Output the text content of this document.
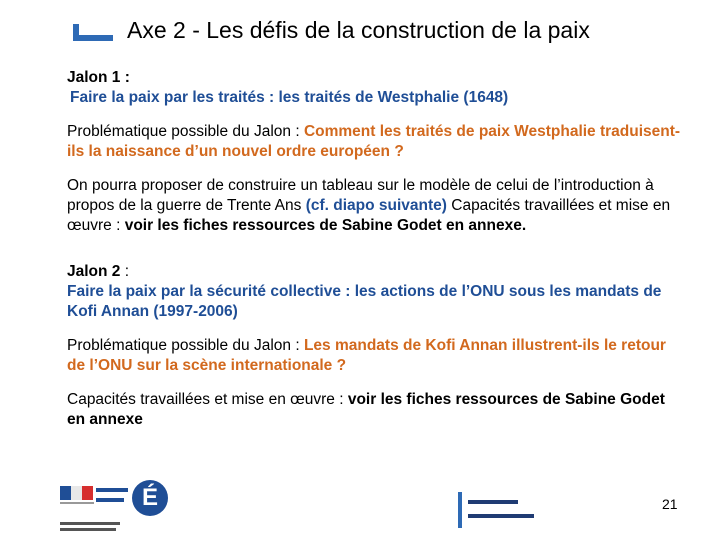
Axe 2 - Les défis de la construction de la paix
Jalon 1 :
Faire la paix par les traités : les traités de Westphalie (1648)
Problématique possible du Jalon : Comment les traités de paix Westphalie traduisent-ils la naissance d’un nouvel ordre européen ?
On pourra proposer de construire un tableau sur le modèle de celui de l’introduction à propos de la guerre de Trente Ans (cf. diapo suivante) Capacités travaillées et mise en œuvre : voir les fiches ressources de Sabine Godet en annexe.
Jalon 2 :
Faire la paix par la sécurité collective : les actions de l’ONU sous les mandats de Kofi Annan (1997-2006)
Problématique possible du Jalon : Les mandats de Kofi Annan illustrent-ils le retour de l’ONU sur la scène internationale ?
Capacités travaillées et mise en œuvre : voir les fiches ressources de Sabine Godet en annexe
É	21
